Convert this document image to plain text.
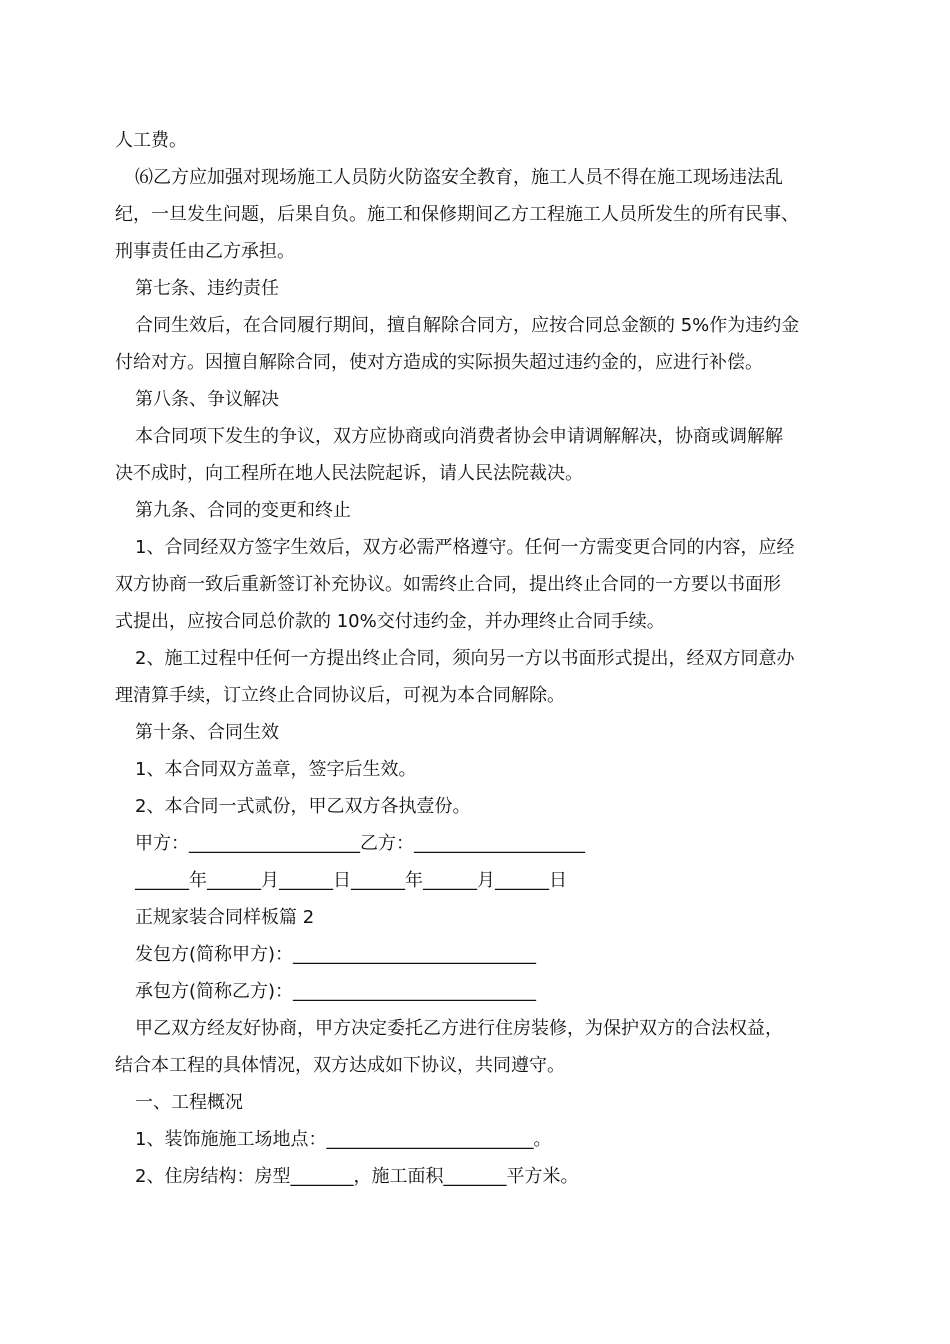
人工费。

⑹乙方应加强对现场施工人员防火防盗安全教育，施工人员不得在施工现场违法乱

纪，一旦发生问题，后果自负。施工和保修期间乙方工程施工人员所发生的所有民事、

刑事责任由乙方承担。

第七条、违约责任

合同生效后，在合同履行期间，擅自解除合同方，应按合同总金额的 5%作为违约金

付给对方。因擅自解除合同，使对方造成的实际损失超过违约金的，应进行补偿。

第八条、争议解决

本合同项下发生的争议，双方应协商或向消费者协会申请调解解决，协商或调解解

决不成时，向工程所在地人民法院起诉，请人民法院裁决。

第九条、合同的变更和终止

1、合同经双方签字生效后，双方必需严格遵守。任何一方需变更合同的内容，应经

双方协商一致后重新签订补充协议。如需终止合同，提出终止合同的一方要以书面形

式提出，应按合同总价款的 10%交付违约金，并办理终止合同手续。

2、施工过程中任何一方提出终止合同，须向另一方以书面形式提出，经双方同意办

理清算手续，订立终止合同协议后，可视为本合同解除。

第十条、合同生效

1、本合同双方盖章，签字后生效。

2、本合同一式贰份，甲乙双方各执壹份。

甲方：___________________乙方：___________________

______年______月______日______年______月______日

正规家装合同样板篇 2

发包方(简称甲方)：___________________________

承包方(简称乙方)：___________________________

甲乙双方经友好协商，甲方决定委托乙方进行住房装修，为保护双方的合法权益，

结合本工程的具体情况，双方达成如下协议，共同遵守。

一、工程概况

1、装饰施施工场地点：_______________________。

2、住房结构：房型_______，施工面积_______平方米。
